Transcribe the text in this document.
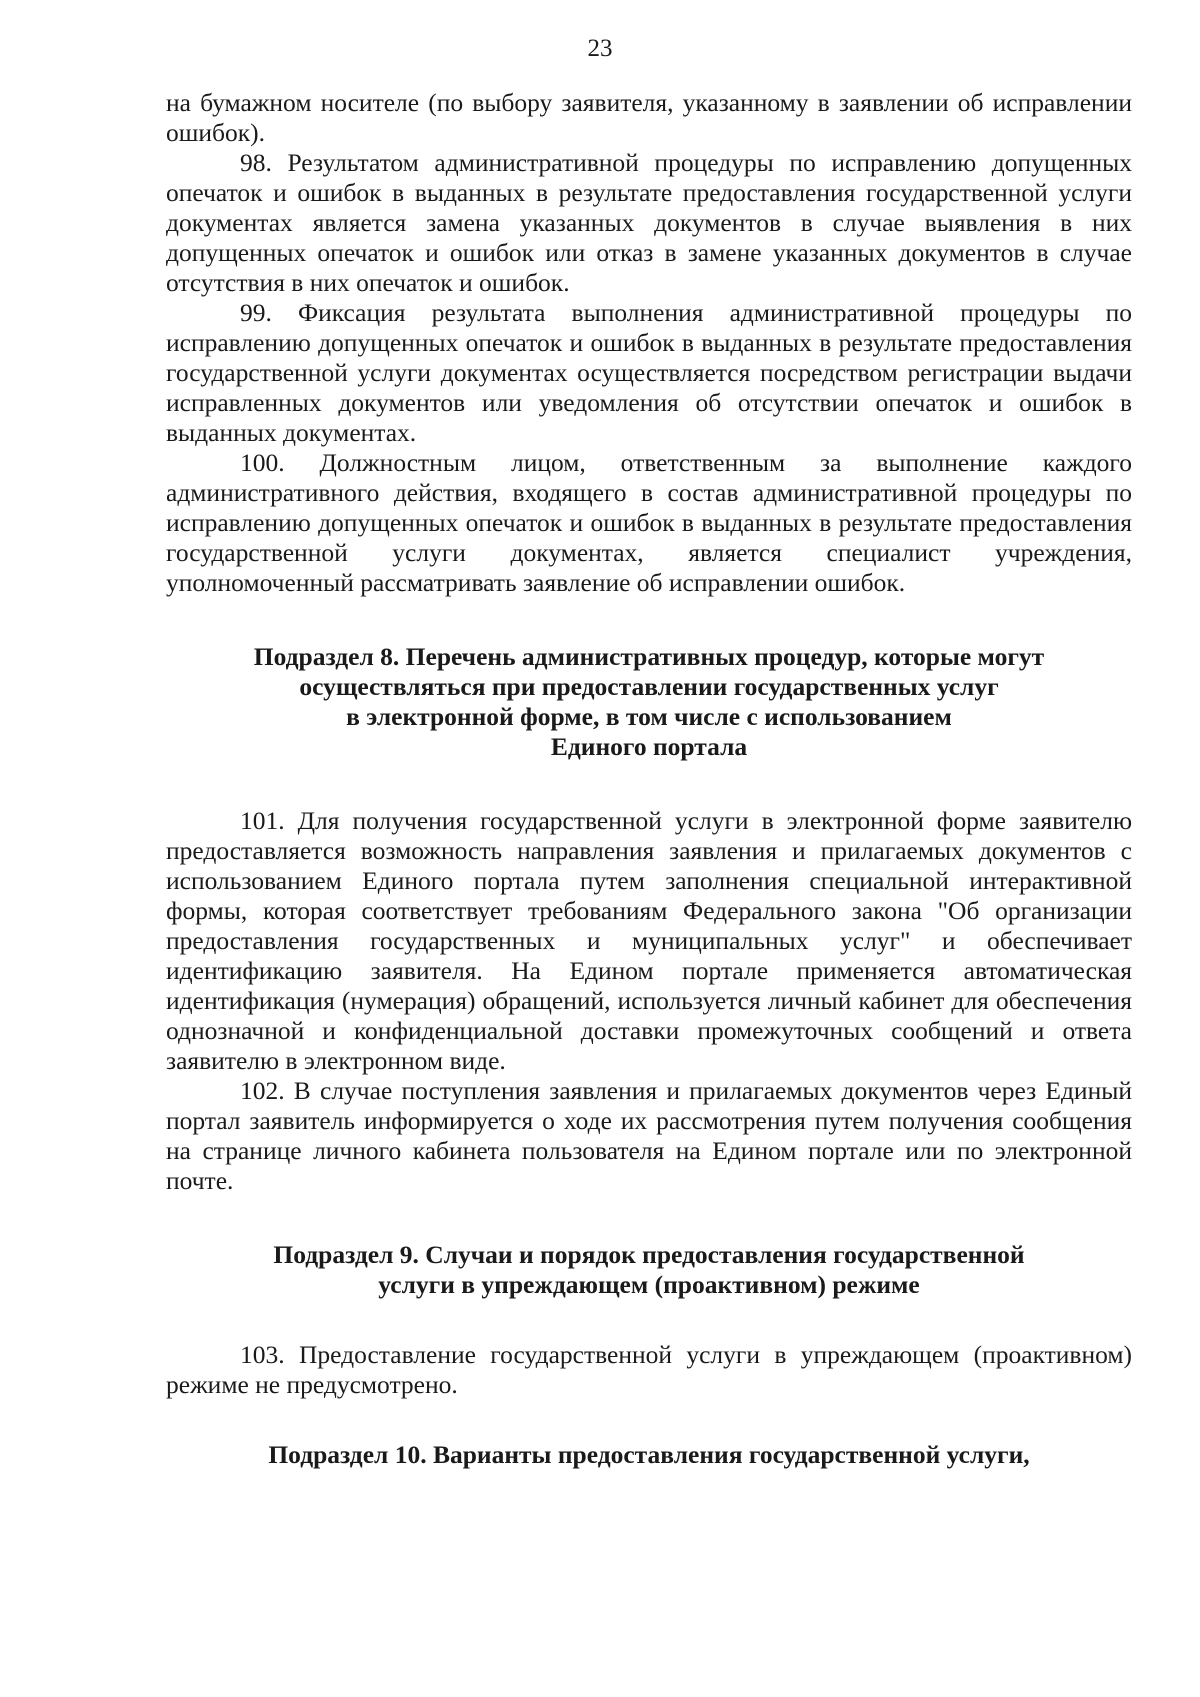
23

на бумажном носителе (по выбору заявителя, указанному в заявлении об исправлении ошибок).

98. Результатом административной процедуры по исправлению допущенных опечаток и ошибок в выданных в результате предоставления государственной услуги документах является замена указанных документов в случае выявления в них допущенных опечаток и ошибок или отказ в замене указанных документов в случае отсутствия в них опечаток и ошибок.

99. Фиксация результата выполнения административной процедуры по исправлению допущенных опечаток и ошибок в выданных в результате предоставления государственной услуги документах осуществляется посредством регистрации выдачи исправленных документов или уведомления об отсутствии опечаток и ошибок в выданных документах.

100. Должностным лицом, ответственным за выполнение каждого административного действия, входящего в состав административной процедуры по исправлению допущенных опечаток и ошибок в выданных в результате предоставления государственной услуги документах, является специалист учреждения, уполномоченный рассматривать заявление об исправлении ошибок.

Подраздел 8. Перечень административных процедур, которые могут
осуществляться при предоставлении государственных услуг
в электронной форме, в том числе с использованием
Единого портала

101. Для получения государственной услуги в электронной форме заявителю предоставляется возможность направления заявления и прилагаемых документов с использованием Единого портала путем заполнения специальной интерактивной формы, которая соответствует требованиям Федерального закона "Об организации предоставления государственных и муниципальных услуг" и обеспечивает идентификацию заявителя. На Едином портале применяется автоматическая идентификация (нумерация) обращений, используется личный кабинет для обеспечения однозначной и конфиденциальной доставки промежуточных сообщений и ответа заявителю в электронном виде.

102. В случае поступления заявления и прилагаемых документов через Единый портал заявитель информируется о ходе их рассмотрения путем получения сообщения на странице личного кабинета пользователя на Едином портале или по электронной почте.

Подраздел 9. Случаи и порядок предоставления государственной
услуги в упреждающем (проактивном) режиме

103. Предоставление государственной услуги в упреждающем (проактивном) режиме не предусмотрено.

Подраздел 10. Варианты предоставления государственной услуги,
